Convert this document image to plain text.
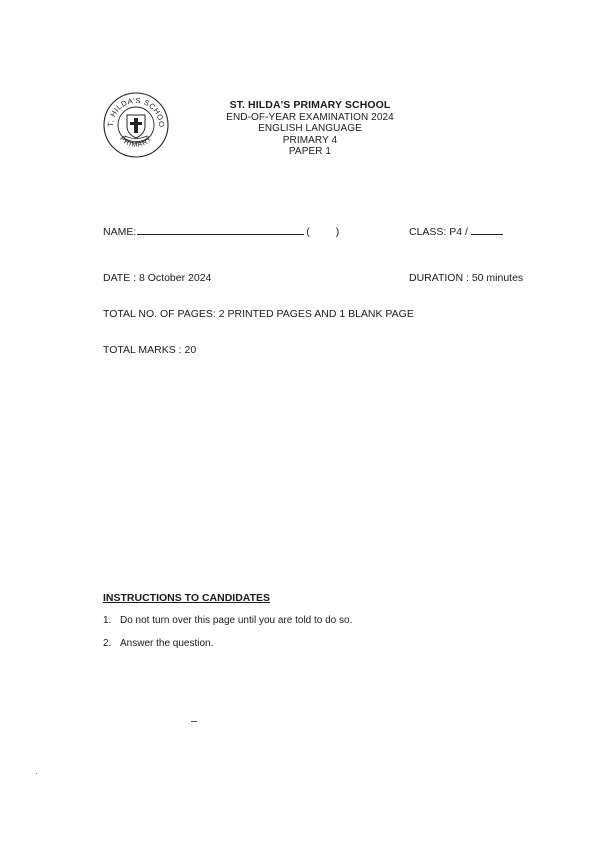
T. HILDA'S SCHOO
PRIMARY
ST. HILDA'S PRIMARY SCHOOL
END-OF-YEAR EXAMINATION 2024
ENGLISH LANGUAGE
PRIMARY 4
PAPER 1
NAME:	( )	CLASS: P4 /
DATE : 8 October 2024	DURATION : 50 minutes
TOTAL NO. OF PAGES: 2 PRINTED PAGES AND 1 BLANK PAGE
TOTAL MARKS : 20
INSTRUCTIONS TO CANDIDATES
1. Do not turn over this page until you are told to do so.
2. Answer the question.
